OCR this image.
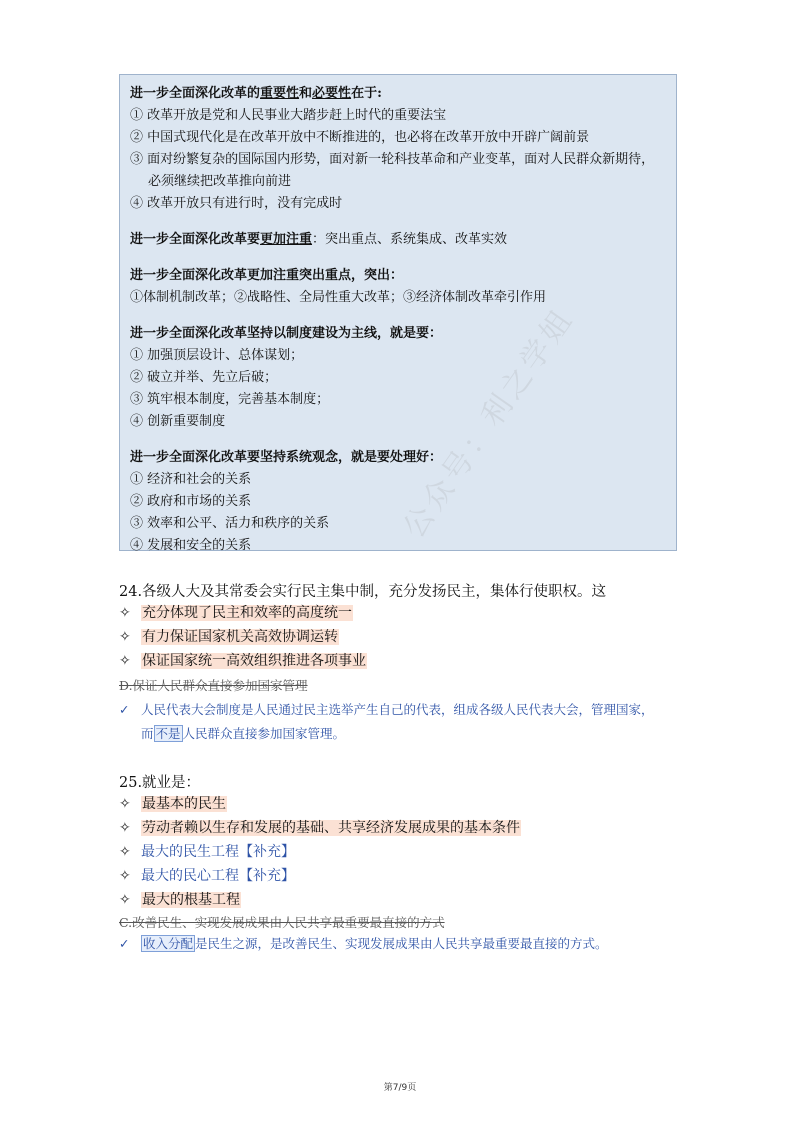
进一步全面深化改革的重要性和必要性在于:
① 改革开放是党和人民事业大踏步赶上时代的重要法宝
② 中国式现代化是在改革开放中不断推进的，也必将在改革开放中开辟广阔前景
③ 面对纷繁复杂的国际国内形势，面对新一轮科技革命和产业变革，面对人民群众新期待，
必须继续把改革推向前进
④ 改革开放只有进行时，没有完成时
进一步全面深化改革要更加注重：突出重点、系统集成、改革实效
进一步全面深化改革更加注重突出重点，突出：
①体制机制改革；②战略性、全局性重大改革；③经济体制改革牵引作用
进一步全面深化改革坚持以制度建设为主线，就是要：
① 加强顶层设计、总体谋划；
② 破立并举、先立后破；
③ 筑牢根本制度，完善基本制度；
④ 创新重要制度
进一步全面深化改革要坚持系统观念，就是要处理好：
① 经济和社会的关系
② 政府和市场的关系
③ 效率和公平、活力和秩序的关系
④ 发展和安全的关系
24.各级人大及其常委会实行民主集中制，充分发扬民主，集体行使职权。这
✧ 充分体现了民主和效率的高度统一
✧ 有力保证国家机关高效协调运转
✧ 保证国家统一高效组织推进各项事业
D.保证人民群众直接参加国家管理
✓ 人民代表大会制度是人民通过民主选举产生自己的代表，组成各级人民代表大会，管理国家，
而 不是 人民群众直接参加国家管理。
25.就业是：
✧ 最基本的民生
✧ 劳动者赖以生存和发展的基础、共享经济发展成果的基本条件
✧ 最大的民生工程【补充】
✧ 最大的民心工程【补充】
✧ 最大的根基工程
C.改善民生、实现发展成果由人民共享最重要最直接的方式
✓ 收入分配 是民生之源，是改善民生、实现发展成果由人民共享最重要最直接的方式。
公众号：利之学姐
第7/9页
